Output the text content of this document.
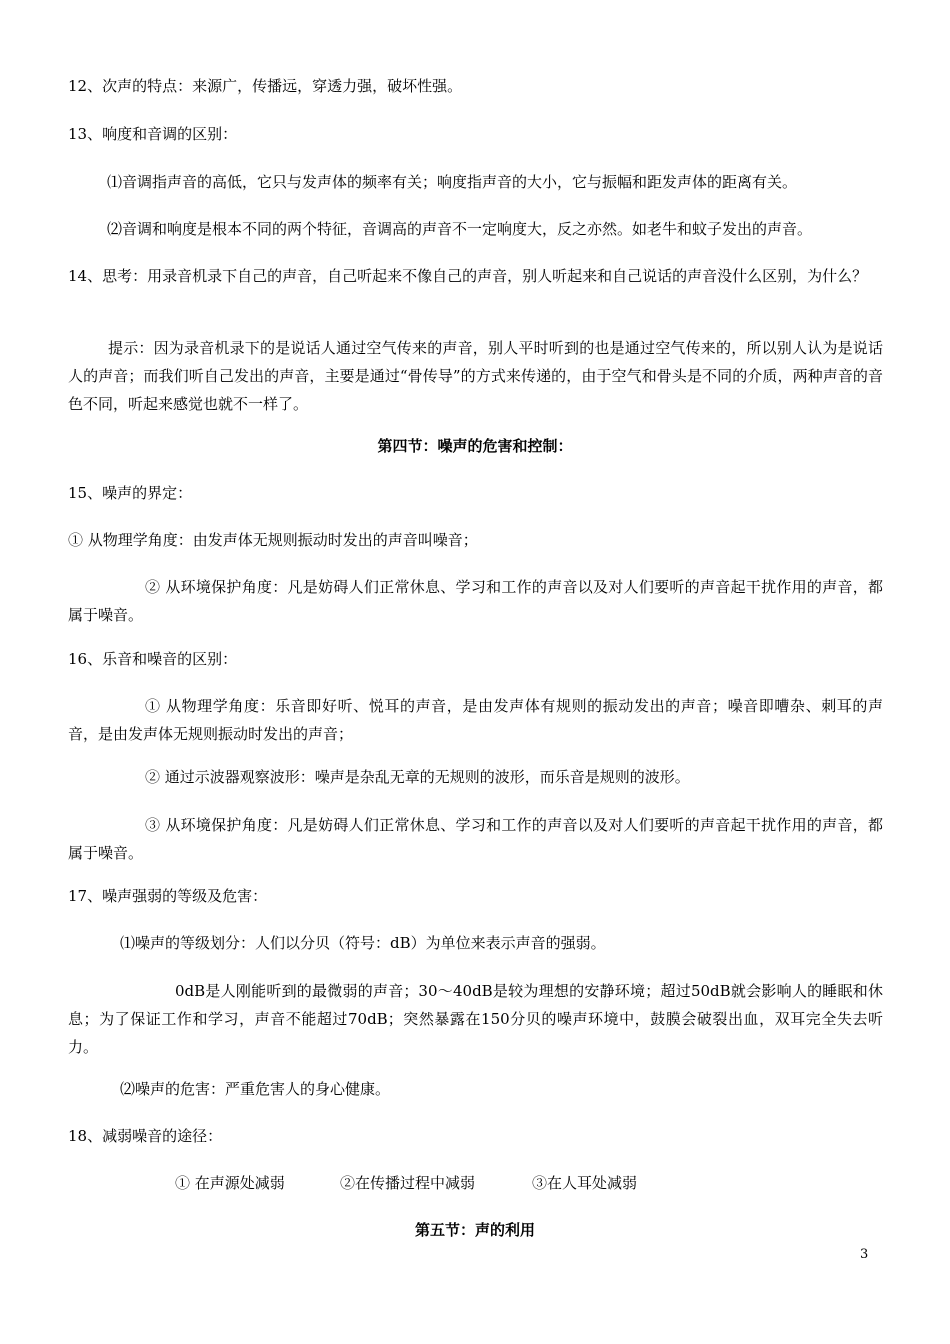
12、次声的特点：来源广，传播远，穿透力强，破坏性强。
13、响度和音调的区别：
⑴音调指声音的高低，它只与发声体的频率有关；响度指声音的大小，它与振幅和距发声体的距离有关。
⑵音调和响度是根本不同的两个特征，音调高的声音不一定响度大，反之亦然。如老牛和蚊子发出的声音。
14、思考：用录音机录下自己的声音，自己听起来不像自己的声音，别人听起来和自己说话的声音没什么区别，为什么？
提示：因为录音机录下的是说话人通过空气传来的声音，别人平时听到的也是通过空气传来的，所以别人认为是说话人的声音；而我们听自己发出的声音，主要是通过“骨传导”的方式来传递的，由于空气和骨头是不同的介质，两种声音的音色不同，听起来感觉也就不一样了。
第四节：噪声的危害和控制：
15、噪声的界定：
① 从物理学角度：由发声体无规则振动时发出的声音叫噪音；
② 从环境保护角度：凡是妨碍人们正常休息、学习和工作的声音以及对人们要听的声音起干扰作用的声音，都属于噪音。
16、乐音和噪音的区别：
① 从物理学角度：乐音即好听、悦耳的声音，是由发声体有规则的振动发出的声音；噪音即嘈杂、刺耳的声音，是由发声体无规则振动时发出的声音；
② 通过示波器观察波形：噪声是杂乱无章的无规则的波形，而乐音是规则的波形。
③ 从环境保护角度：凡是妨碍人们正常休息、学习和工作的声音以及对人们要听的声音起干扰作用的声音，都属于噪音。
17、噪声强弱的等级及危害：
⑴噪声的等级划分：人们以分贝（符号：dB）为单位来表示声音的强弱。
0dB是人刚能听到的最微弱的声音；30～40dB是较为理想的安静环境；超过50dB就会影响人的睡眠和休息；为了保证工作和学习，声音不能超过70dB；突然暴露在150分贝的噪声环境中，鼓膜会破裂出血，双耳完全失去听力。
⑵噪声的危害：严重危害人的身心健康。
18、减弱噪音的途径：
① 在声源处减弱	②在传播过程中减弱	③在人耳处减弱
第五节：声的利用
3
